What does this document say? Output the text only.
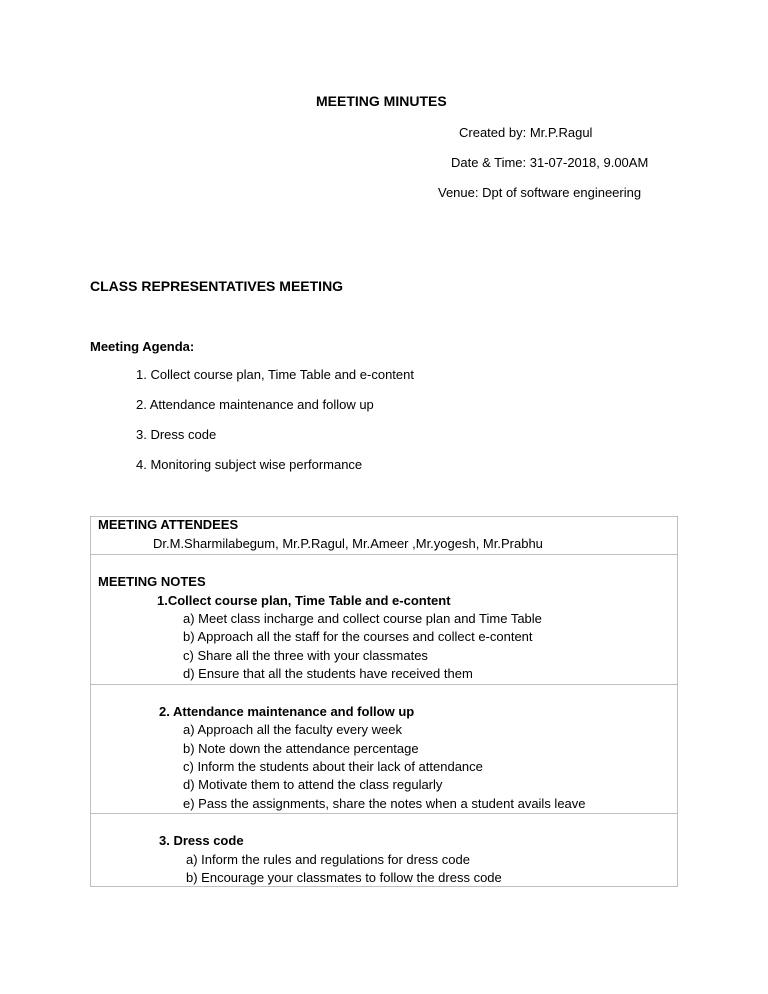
MEETING MINUTES
Created by: Mr.P.Ragul
Date & Time: 31-07-2018, 9.00AM
Venue: Dpt of software engineering
CLASS REPRESENTATIVES MEETING
Meeting Agenda:
1. Collect course plan, Time Table and e-content
2. Attendance maintenance and follow up
3. Dress code
4. Monitoring subject wise performance
MEETING ATTENDEES
Dr.M.Sharmilabegum, Mr.P.Ragul, Mr.Ameer ,Mr.yogesh, Mr.Prabhu
MEETING NOTES
1.Collect course plan, Time Table and e-content
a) Meet class incharge and collect course plan and Time Table
b) Approach all the staff for the courses and collect e-content
c) Share all the three with your classmates
d) Ensure that all the students have received them
2. Attendance maintenance and follow up
a) Approach all the faculty every week
b) Note down the attendance percentage
c) Inform the students about their lack of attendance
d) Motivate them to attend the class regularly
e) Pass the assignments, share the notes when a student avails leave
3. Dress code
a) Inform the rules and regulations for dress code
b) Encourage your classmates to follow the dress code
